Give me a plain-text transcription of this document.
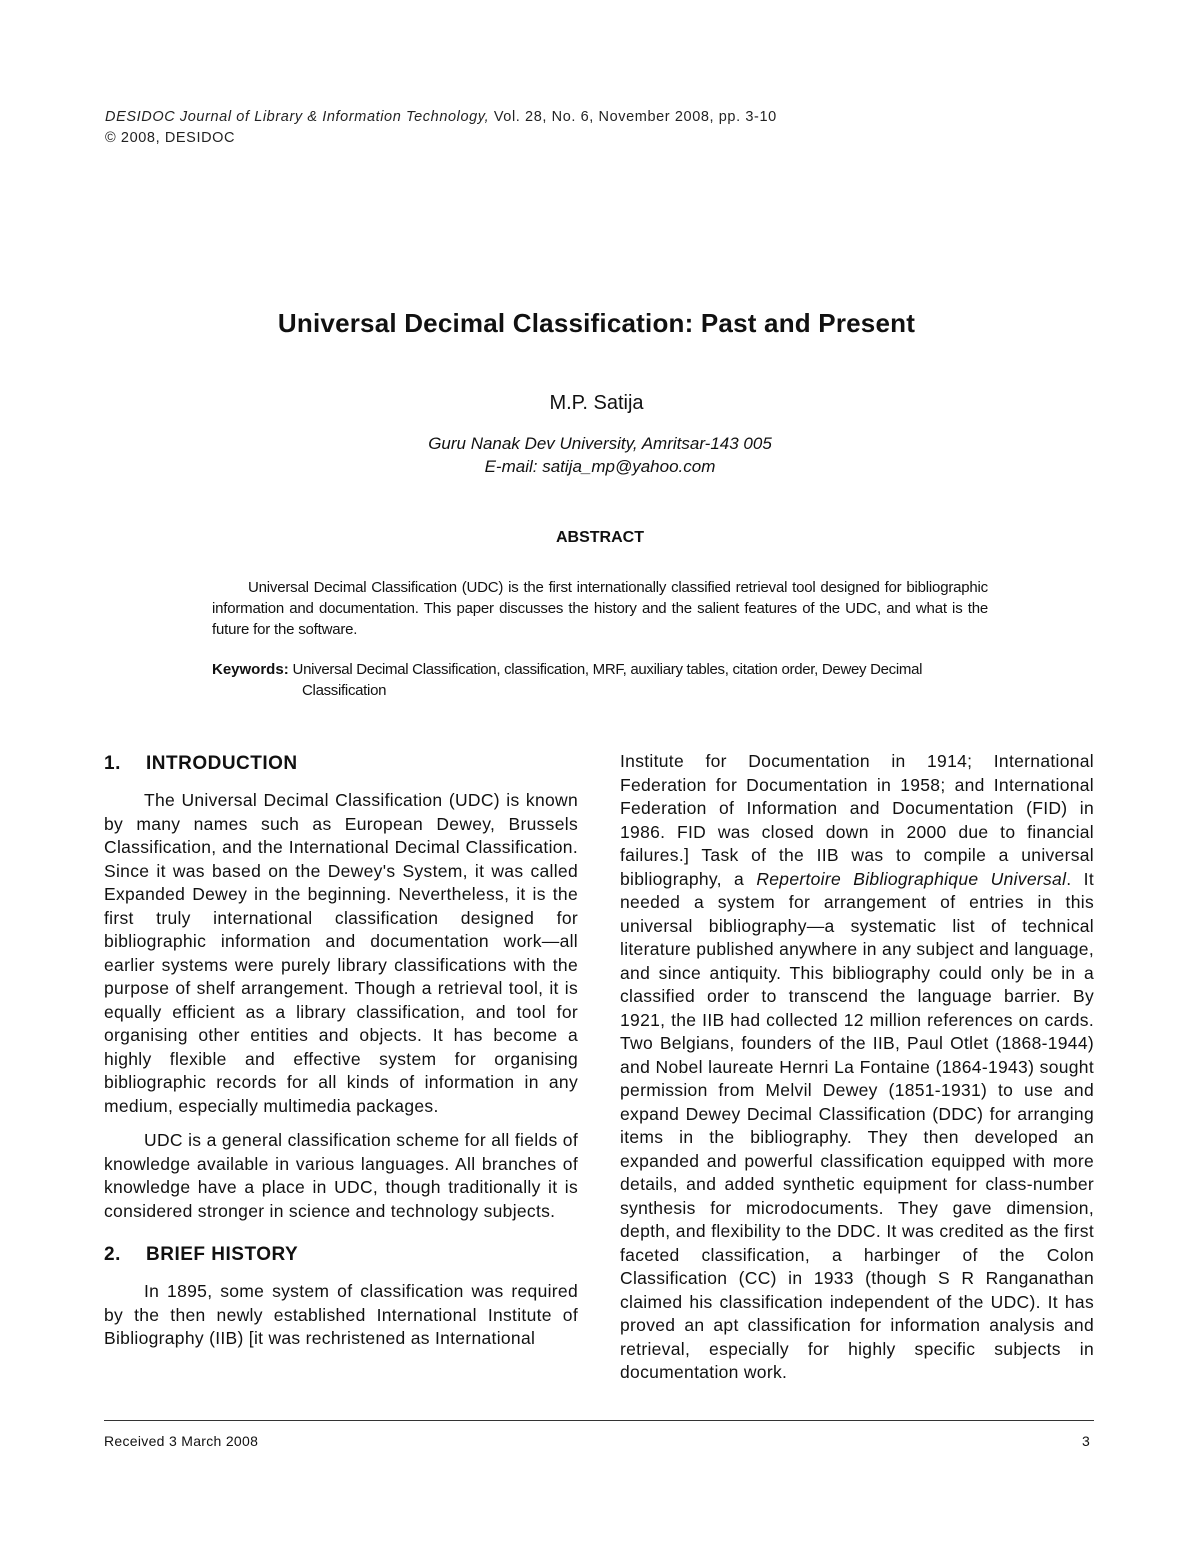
DESIDOC Journal of Library & Information Technology, Vol. 28, No. 6, November 2008, pp. 3-10
© 2008, DESIDOC
Universal Decimal Classification: Past and Present
M.P. Satija
Guru Nanak Dev University, Amritsar-143 005
E-mail: satija_mp@yahoo.com
ABSTRACT

Universal Decimal Classification (UDC) is the first internationally classified retrieval tool designed for bibliographic information and documentation. This paper discusses the history and the salient features of the UDC, and what is the future for the software.

Keywords: Universal Decimal Classification, classification, MRF, auxiliary tables, citation order, Dewey Decimal
Classification
1. INTRODUCTION

The Universal Decimal Classification (UDC) is known by many names such as European Dewey, Brussels Classification, and the International Decimal Classification. Since it was based on the Dewey's System, it was called Expanded Dewey in the beginning. Nevertheless, it is the first truly international classification designed for bibliographic information and documentation work—all earlier systems were purely library classifications with the purpose of shelf arrangement. Though a retrieval tool, it is equally efficient as a library classification, and tool for organising other entities and objects. It has become a highly flexible and effective system for organising bibliographic records for all kinds of information in any medium, especially multimedia packages.

UDC is a general classification scheme for all fields of knowledge available in various languages. All branches of knowledge have a place in UDC, though traditionally it is considered stronger in science and technology subjects.

2. BRIEF HISTORY

In 1895, some system of classification was required by the then newly established International Institute of Bibliography (IIB) [it was rechristened as International

Institute for Documentation in 1914; International Federation for Documentation in 1958; and International Federation of Information and Documentation (FID) in 1986. FID was closed down in 2000 due to financial failures.] Task of the IIB was to compile a universal bibliography, a Repertoire Bibliographique Universal. It needed a system for arrangement of entries in this universal bibliography—a systematic list of technical literature published anywhere in any subject and language, and since antiquity. This bibliography could only be in a classified order to transcend the language barrier. By 1921, the IIB had collected 12 million references on cards. Two Belgians, founders of the IIB, Paul Otlet (1868-1944) and Nobel laureate Hernri La Fontaine (1864-1943) sought permission from Melvil Dewey (1851-1931) to use and expand Dewey Decimal Classification (DDC) for arranging items in the bibliography. They then developed an expanded and powerful classification equipped with more details, and added synthetic equipment for class-number synthesis for microdocuments. They gave dimension, depth, and flexibility to the DDC. It was credited as the first faceted classification, a harbinger of the Colon Classification (CC) in 1933 (though S R Ranganathan claimed his classification independent of the UDC). It has proved an apt classification for information analysis and retrieval, especially for highly specific subjects in documentation work.

Received 3 March 2008	3
